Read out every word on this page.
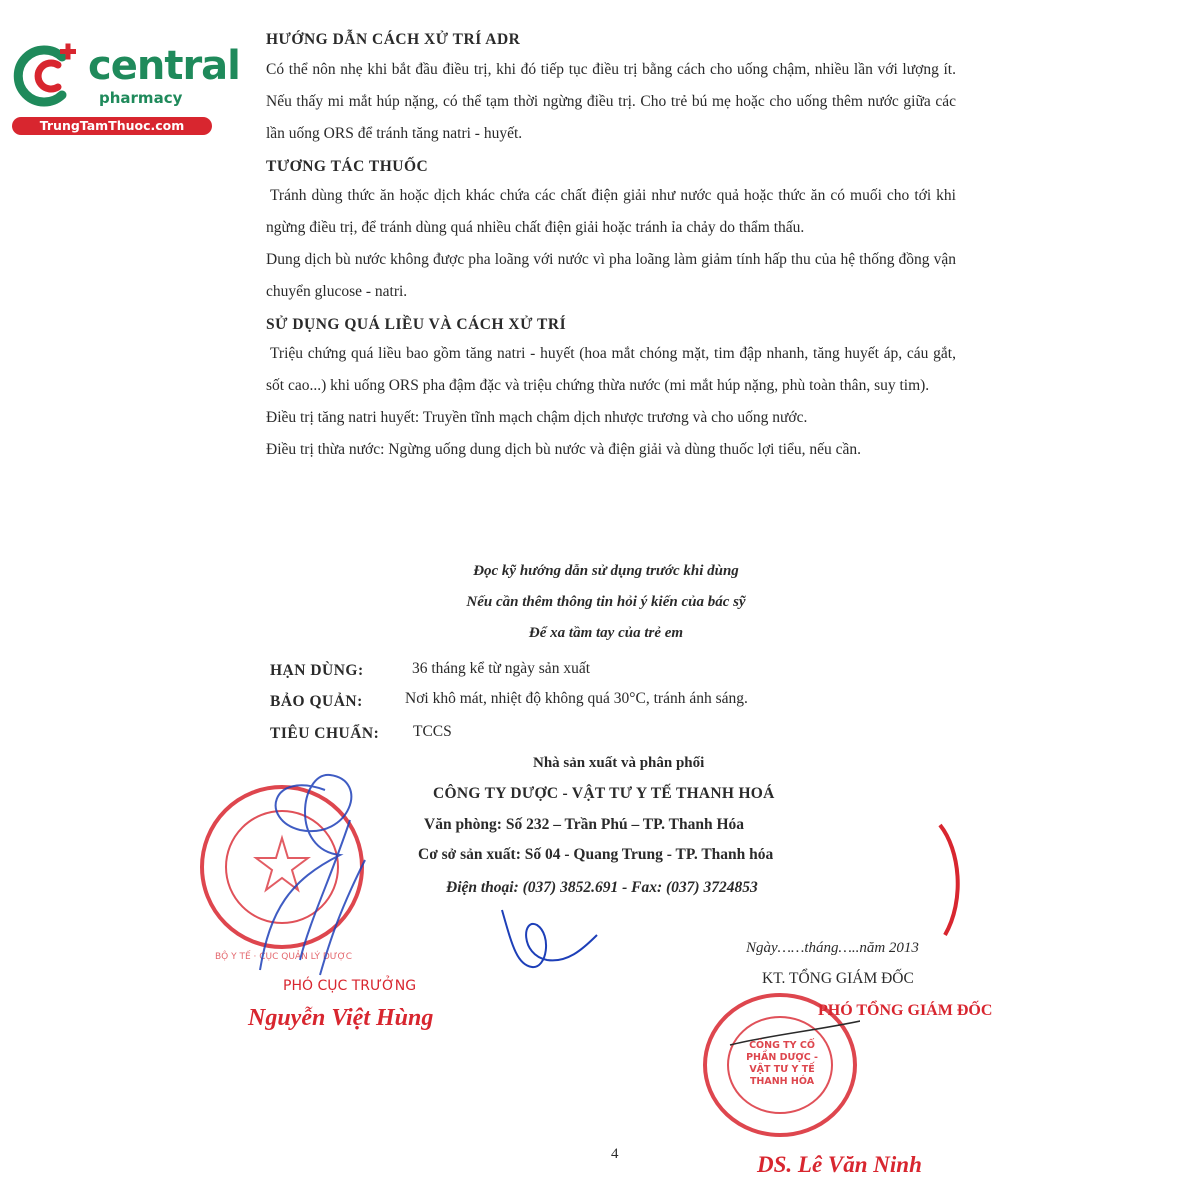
central
pharmacy
TrungTamThuoc.com

HƯỚNG DẪN CÁCH XỬ TRÍ ADR

Có thể nôn nhẹ khi bắt đầu điều trị, khi đó tiếp tục điều trị bằng cách cho uống chậm, nhiều lần với lượng ít. Nếu thấy mi mắt húp nặng, có thể tạm thời ngừng điều trị. Cho trẻ bú mẹ hoặc cho uống thêm nước giữa các lần uống ORS để tránh tăng natri - huyết.

TƯƠNG TÁC THUỐC

Tránh dùng thức ăn hoặc dịch khác chứa các chất điện giải như nước quả hoặc thức ăn có muối cho tới khi ngừng điều trị, để tránh dùng quá nhiều chất điện giải hoặc tránh ỉa chảy do thẩm thấu.

Dung dịch bù nước không được pha loãng với nước vì pha loãng làm giảm tính hấp thu của hệ thống đồng vận chuyển glucose - natri.

SỬ DỤNG QUÁ LIỀU VÀ CÁCH XỬ TRÍ

Triệu chứng quá liều bao gồm tăng natri - huyết (hoa mắt chóng mặt, tim đập nhanh, tăng huyết áp, cáu gắt, sốt cao...) khi uống ORS pha đậm đặc và triệu chứng thừa nước (mi mắt húp nặng, phù toàn thân, suy tim).

Điều trị tăng natri huyết: Truyền tĩnh mạch chậm dịch nhược trương và cho uống nước.

Điều trị thừa nước: Ngừng uống dung dịch bù nước và điện giải và dùng thuốc lợi tiểu, nếu cần.

Đọc kỹ hướng dẫn sử dụng trước khi dùng
Nếu cần thêm thông tin hỏi ý kiến của bác sỹ
Để xa tầm tay của trẻ em
HẠN DÙNG:	36 tháng kể từ ngày sản xuất
BẢO QUẢN:	Nơi khô mát, nhiệt độ không quá 30°C, tránh ánh sáng.
TIÊU CHUẨN: TCCS
Nhà sản xuất và phân phối
CÔNG TY DƯỢC - VẬT TƯ Y TẾ THANH HOÁ
Văn phòng: Số 232 – Trần Phú – TP. Thanh Hóa
Cơ sở sản xuất: Số 04 - Quang Trung - TP. Thanh hóa
Điện thoại: (037) 3852.691 - Fax: (037) 3724853
BỘ Y TẾ · CỤC QUẢN LÝ DƯỢC
PHÓ CỤC TRƯỞNG
Nguyễn Việt Hùng
Ngày……tháng…..năm 2013
KT. TỔNG GIÁM ĐỐC
PHÓ TỔNG GIÁM ĐỐC
CÔNG TY CỔ PHẦN DƯỢC - VẬT TƯ Y TẾ THANH HÓA
DS. Lê Văn Ninh
4
